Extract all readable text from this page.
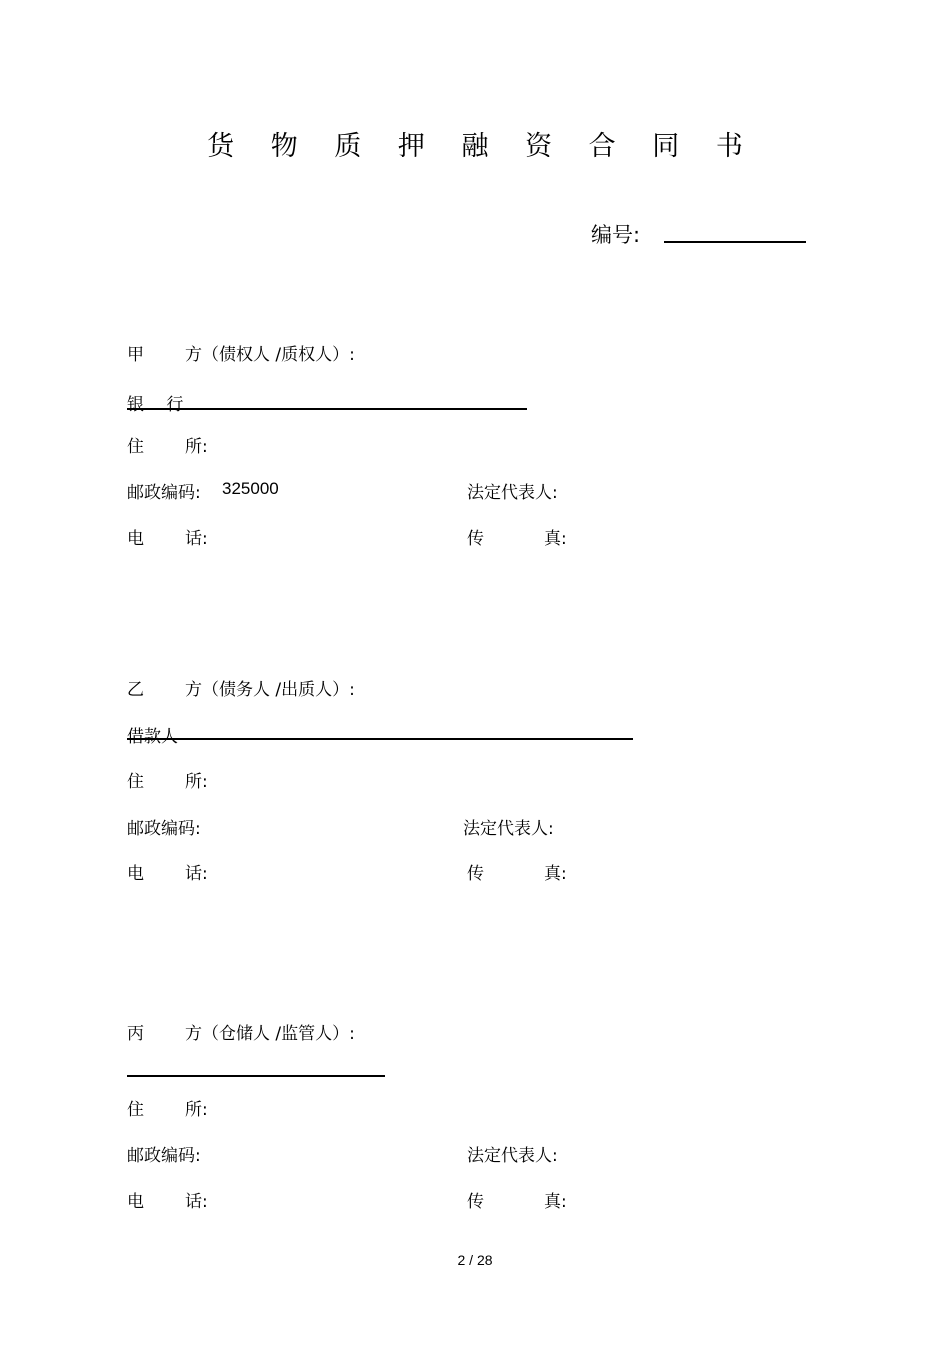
货 物 质 押 融 资 合 同 书
编号:
甲 方（债权人 /质权人）:
银　 行
住 所:
邮政编码: 325000	法定代表人:
电 话:	传	真:
乙 方（债务人 /出质人）:
借款人
住 所:
邮政编码:	法定代表人:
电 话:	传	真:
丙 方（仓储人 /监管人）:
住 所:
邮政编码:	法定代表人:
电 话:	传	真:
2 / 28
